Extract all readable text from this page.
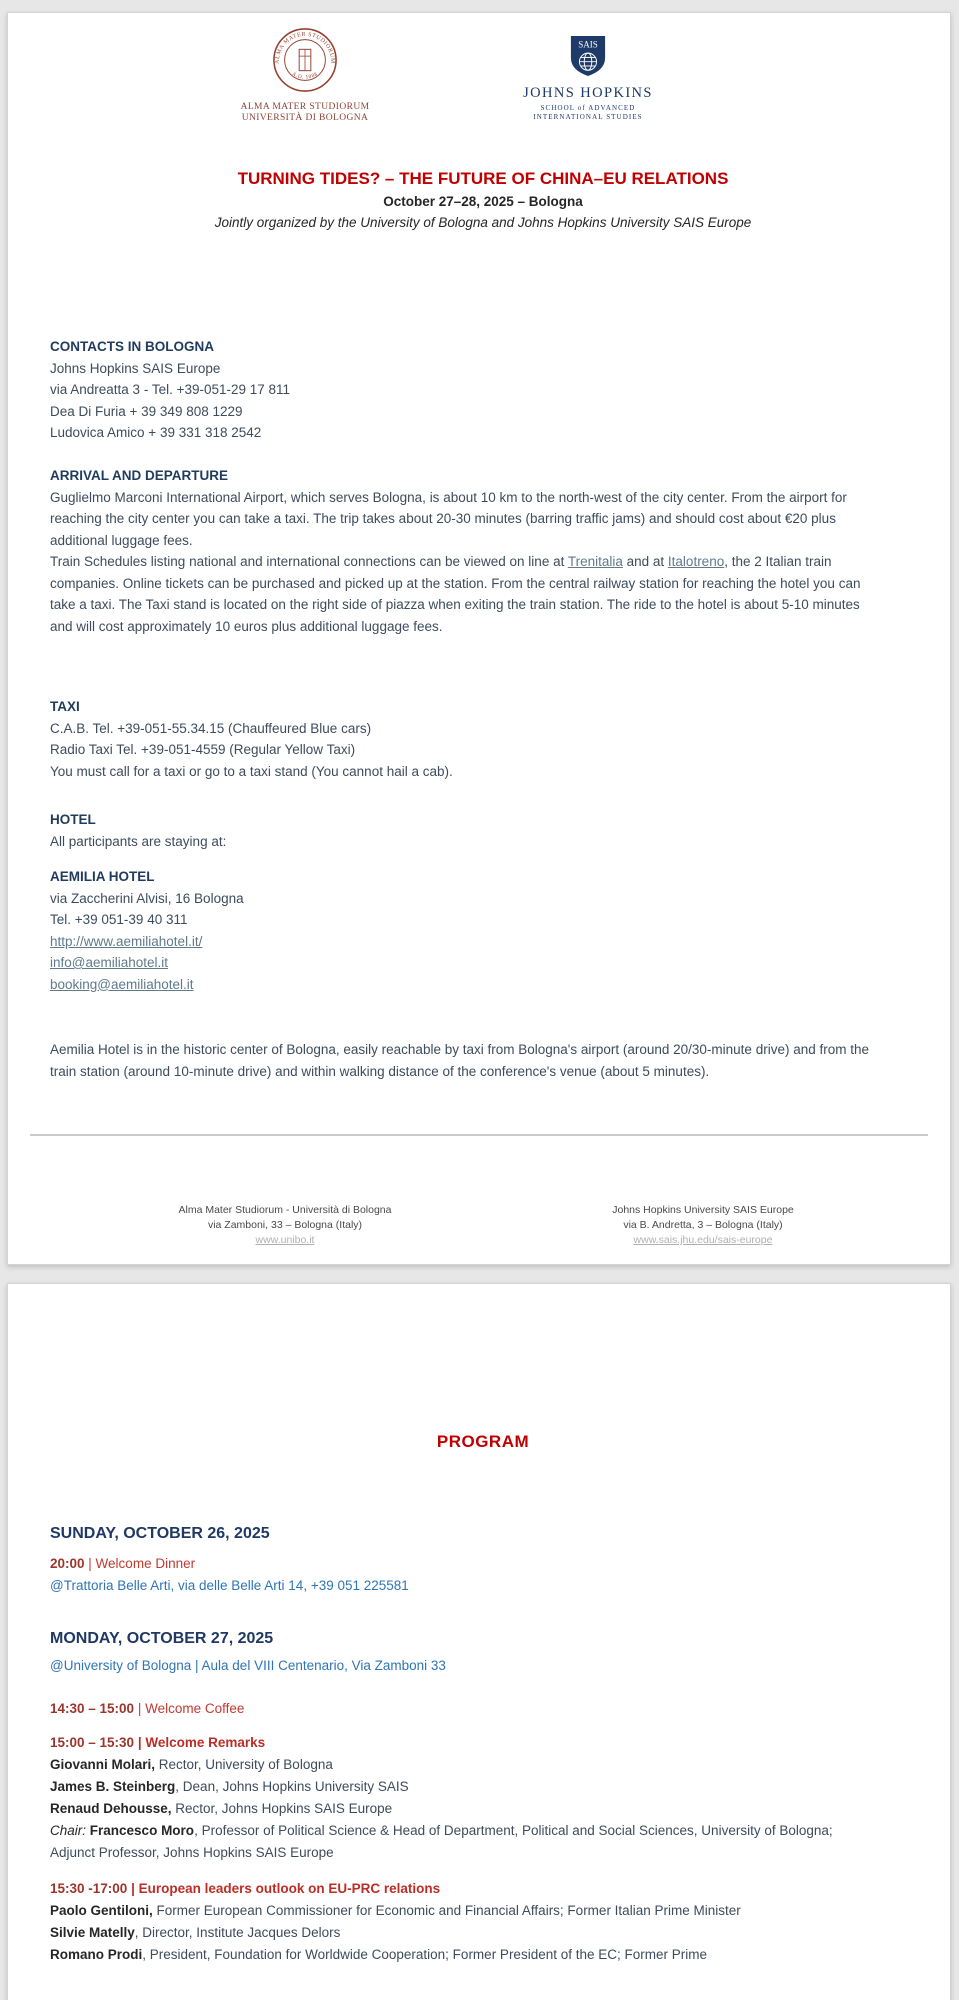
ALMA MATER STUDIORUM
A.D. 1088
ALMA MATER STUDIORUM
UNIVERSITÀ DI BOLOGNA
SAIS
JOHNS HOPKINS
SCHOOL of ADVANCED
INTERNATIONAL STUDIES
TURNING TIDES? – THE FUTURE OF CHINA–EU RELATIONS
October 27–28, 2025 – Bologna
Jointly organized by the University of Bologna and Johns Hopkins University SAIS Europe
CONTACTS IN BOLOGNA
Johns Hopkins SAIS Europe
via Andreatta 3 - Tel. +39-051-29 17 811
Dea Di Furia + 39 349 808 1229
Ludovica Amico + 39 331 318 2542
ARRIVAL AND DEPARTURE
Guglielmo Marconi International Airport, which serves Bologna, is about 10 km to the north-west of the city center. From the airport for reaching the city center you can take a taxi. The trip takes about 20-30 minutes (barring traffic jams) and should cost about €20 plus additional luggage fees.
Train Schedules listing national and international connections can be viewed on line at Trenitalia and at Italotreno, the 2 Italian train companies. Online tickets can be purchased and picked up at the station. From the central railway station for reaching the hotel you can take a taxi. The Taxi stand is located on the right side of piazza when exiting the train station. The ride to the hotel is about 5-10 minutes and will cost approximately 10 euros plus additional luggage fees.
TAXI
C.A.B. Tel. +39-051-55.34.15 (Chauffeured Blue cars)
Radio Taxi Tel. +39-051-4559 (Regular Yellow Taxi)
You must call for a taxi or go to a taxi stand (You cannot hail a cab).
HOTEL
All participants are staying at:
AEMILIA HOTEL
via Zaccherini Alvisi, 16 Bologna
Tel. +39 051-39 40 311
http://www.aemiliahotel.it/
info@aemiliahotel.it
booking@aemiliahotel.it
Aemilia Hotel is in the historic center of Bologna, easily reachable by taxi from Bologna's airport (around 20/30-minute drive) and from the train station (around 10-minute drive) and within walking distance of the conference's venue (about 5 minutes).
Alma Mater Studiorum - Università di Bologna
via Zamboni, 33 – Bologna (Italy)
www.unibo.it
Johns Hopkins University SAIS Europe
via B. Andretta, 3 – Bologna (Italy)
www.sais.jhu.edu/sais-europe
PROGRAM
SUNDAY, OCTOBER 26, 2025
20:00 | Welcome Dinner
@Trattoria Belle Arti, via delle Belle Arti 14, +39 051 225581
MONDAY, OCTOBER 27, 2025
@University of Bologna | Aula del VIII Centenario, Via Zamboni 33
14:30 – 15:00 | Welcome Coffee
15:00 – 15:30 | Welcome Remarks
Giovanni Molari, Rector, University of Bologna
James B. Steinberg, Dean, Johns Hopkins University SAIS
Renaud Dehousse, Rector, Johns Hopkins SAIS Europe
Chair: Francesco Moro, Professor of Political Science & Head of Department, Political and Social Sciences, University of Bologna; Adjunct Professor, Johns Hopkins SAIS Europe
15:30 -17:00 | European leaders outlook on EU-PRC relations
Paolo Gentiloni, Former European Commissioner for Economic and Financial Affairs; Former Italian Prime Minister
Silvie Matelly, Director, Institute Jacques Delors
Romano Prodi, President, Foundation for Worldwide Cooperation; Former President of the EC; Former Prime
